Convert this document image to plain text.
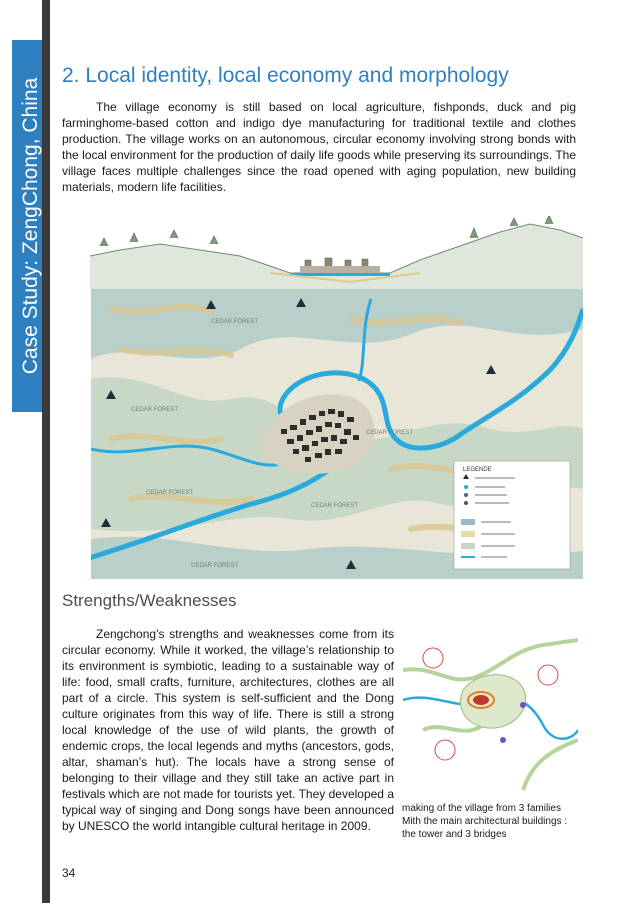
Case Study: ZengChong, China
2. Local identity, local economy and morphology

The village economy is still based on local agriculture, fishponds, duck and pig farminghome-based cotton and indigo dye manufacturing for traditional textile and clothes production. The village works on an autonomous, circular economy involving strong bonds with the local environment for the production of daily life goods while preserving its surroundings. The village faces multiple challenges since the road opened with aging population, new building materials, modern life facilities.

CEDAR FOREST
CEDAR FOREST
CEDAR FOREST
CEDAR FOREST
CEDAR FOREST
CEDAR FOREST
LEGENDE
Strengths/Weaknesses

Zengchong’s strengths and weaknesses come from its circular economy. While it worked, the village’s relationship to its environment is symbiotic, leading to a sustainable way of life: food, small crafts, furniture, architectures, clothes are all part of a circle. This system is self-sufficient and the Dong culture originates from this way of life. There is still a strong local knowledge of the use of wild plants, the growth of endemic crops, the local legends and myths (ancestors, gods, altar, shaman’s hut). The locals have a strong sense of belonging to their village and they still take an active part in festivals which are not made for tourists yet. They developed a typical way of singing and Dong songs have been announced by UNESCO the world intangible cultural heritage in 2009.

making of the village from 3 families Mith the main architectural buildings : the tower and 3 bridges

34
